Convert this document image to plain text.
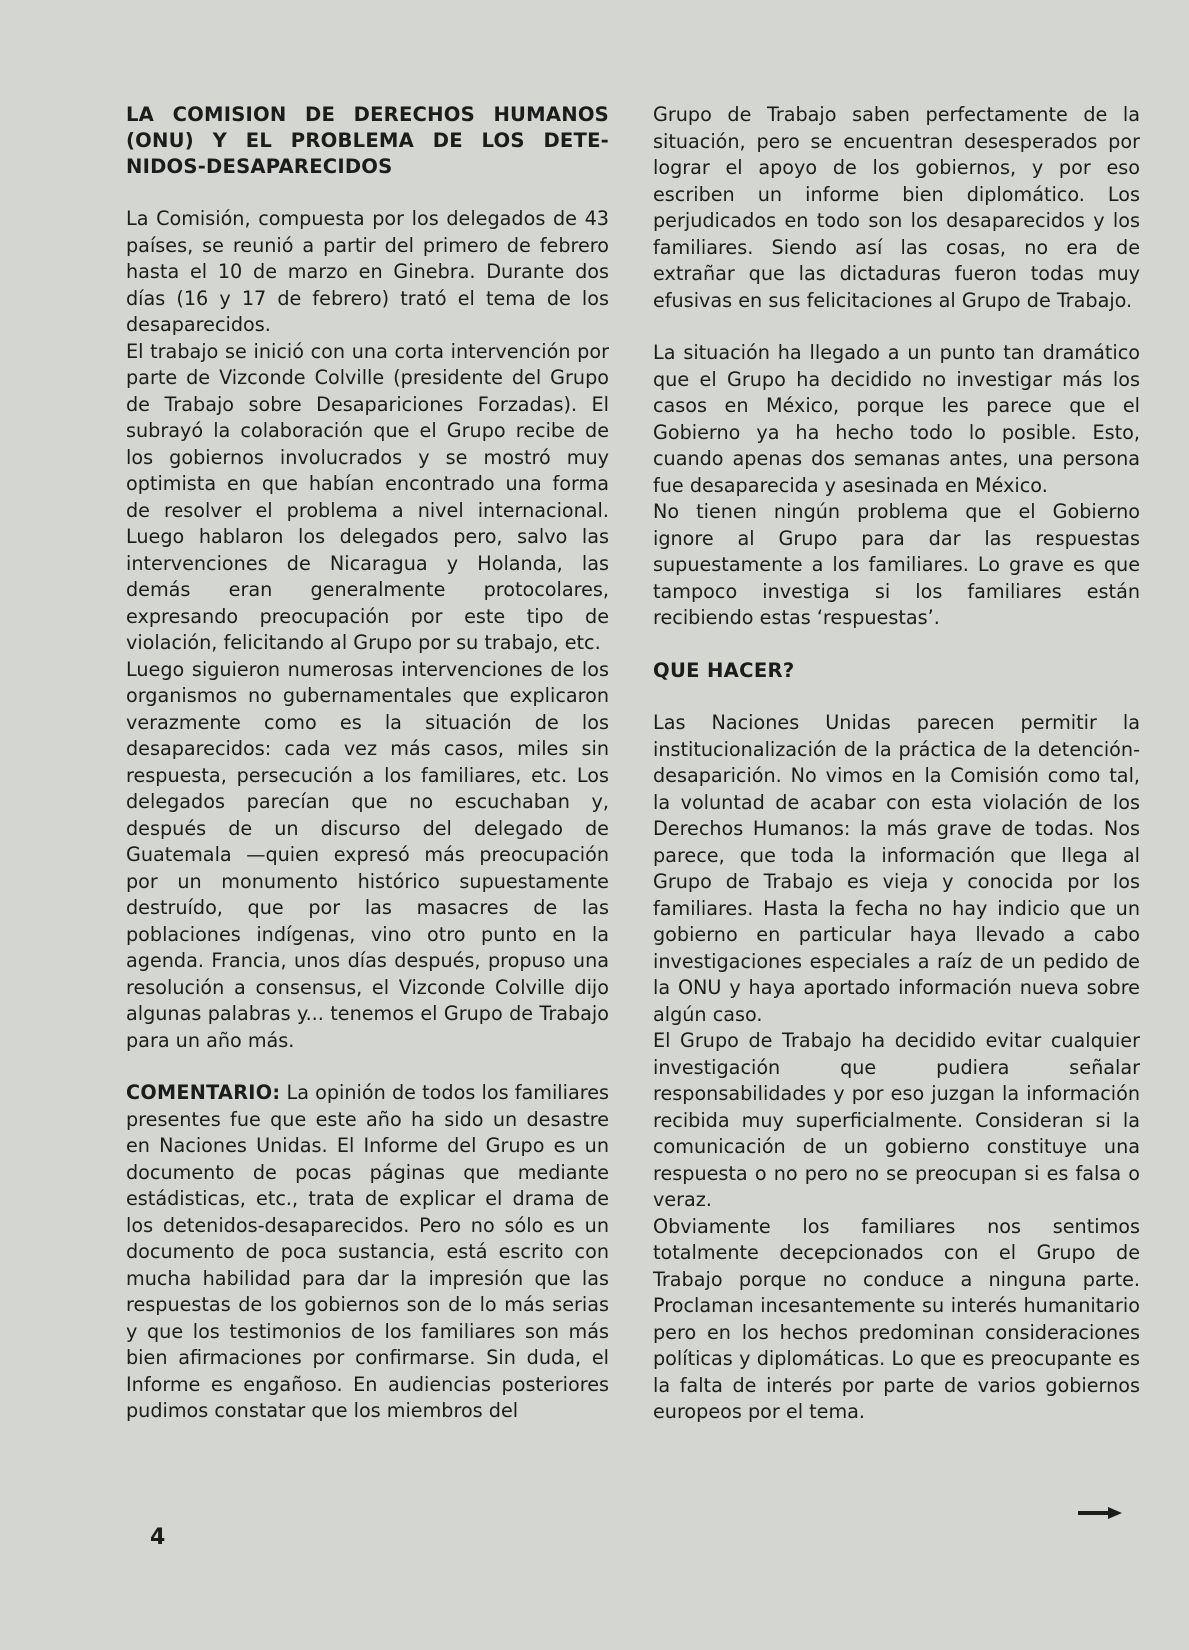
LA COMISION DE DERECHOS HUMANOS
(ONU) Y EL PROBLEMA DE LOS DETE-
NIDOS-DESAPARECIDOS

La Comisión, compuesta por los delegados de 43 países, se reunió a partir del primero de febrero hasta el 10 de marzo en Ginebra. Durante dos días (16 y 17 de febrero) trató el tema de los desaparecidos.

El trabajo se inició con una corta intervención por parte de Vizconde Colville (presidente del Grupo de Trabajo sobre Desapariciones Forzadas). El subrayó la colaboración que el Grupo recibe de los gobiernos involucrados y se mostró muy optimista en que habían encontrado una forma de resolver el problema a nivel internacional. Luego hablaron los delegados pero, salvo las intervenciones de Nicaragua y Holanda, las demás eran generalmente protocolares, expresando preocupación por este tipo de violación, felicitando al Grupo por su trabajo, etc.

Luego siguieron numerosas intervenciones de los organismos no gubernamentales que explicaron verazmente como es la situación de los desaparecidos: cada vez más casos, miles sin respuesta, persecución a los familiares, etc. Los delegados parecían que no escuchaban y, después de un discurso del delegado de Guatemala —quien expresó más preocupación por un monumento histórico supuestamente destruído, que por las masacres de las poblaciones indígenas, vino otro punto en la agenda. Francia, unos días después, propuso una resolución a consensus, el Vizconde Colville dijo algunas palabras y... tenemos el Grupo de Trabajo para un año más.

COMENTARIO: La opinión de todos los familiares presentes fue que este año ha sido un desastre en Naciones Unidas. El Informe del Grupo es un documento de pocas páginas que mediante estádisticas, etc., trata de explicar el drama de los detenidos-desaparecidos. Pero no sólo es un documento de poca sustancia, está escrito con mucha habilidad para dar la impresión que las respuestas de los gobiernos son de lo más serias y que los testimonios de los familiares son más bien afirmaciones por confirmarse. Sin duda, el Informe es engañoso. En audiencias posteriores pudimos constatar que los miembros del

Grupo de Trabajo saben perfectamente de la situación, pero se encuentran desesperados por lograr el apoyo de los gobiernos, y por eso escriben un informe bien diplomático. Los perjudicados en todo son los desaparecidos y los familiares. Siendo así las cosas, no era de extrañar que las dictaduras fueron todas muy efusivas en sus felicitaciones al Grupo de Trabajo.

La situación ha llegado a un punto tan dramático que el Grupo ha decidido no investigar más los casos en México, porque les parece que el Gobierno ya ha hecho todo lo posible. Esto, cuando apenas dos semanas antes, una persona fue desaparecida y asesinada en México.

No tienen ningún problema que el Gobierno ignore al Grupo para dar las respuestas supuestamente a los familiares. Lo grave es que tampoco investiga si los familiares están recibiendo estas ‘respuestas’.

QUE HACER?

Las Naciones Unidas parecen permitir la institucionalización de la práctica de la detención-desaparición. No vimos en la Comisión como tal, la voluntad de acabar con esta violación de los Derechos Humanos: la más grave de todas. Nos parece, que toda la información que llega al Grupo de Trabajo es vieja y conocida por los familiares. Hasta la fecha no hay indicio que un gobierno en particular haya llevado a cabo investigaciones especiales a raíz de un pedido de la ONU y haya aportado información nueva sobre algún caso.

El Grupo de Trabajo ha decidido evitar cualquier investigación que pudiera señalar responsabilidades y por eso juzgan la información recibida muy superficialmente. Consideran si la comunicación de un gobierno constituye una respuesta o no pero no se preocupan si es falsa o veraz.

Obviamente los familiares nos sentimos totalmente decepcionados con el Grupo de Trabajo porque no conduce a ninguna parte. Proclaman incesantemente su interés humanitario pero en los hechos predominan consideraciones políticas y diplomáticas. Lo que es preocupante es la falta de interés por parte de varios gobiernos europeos por el tema.

4
